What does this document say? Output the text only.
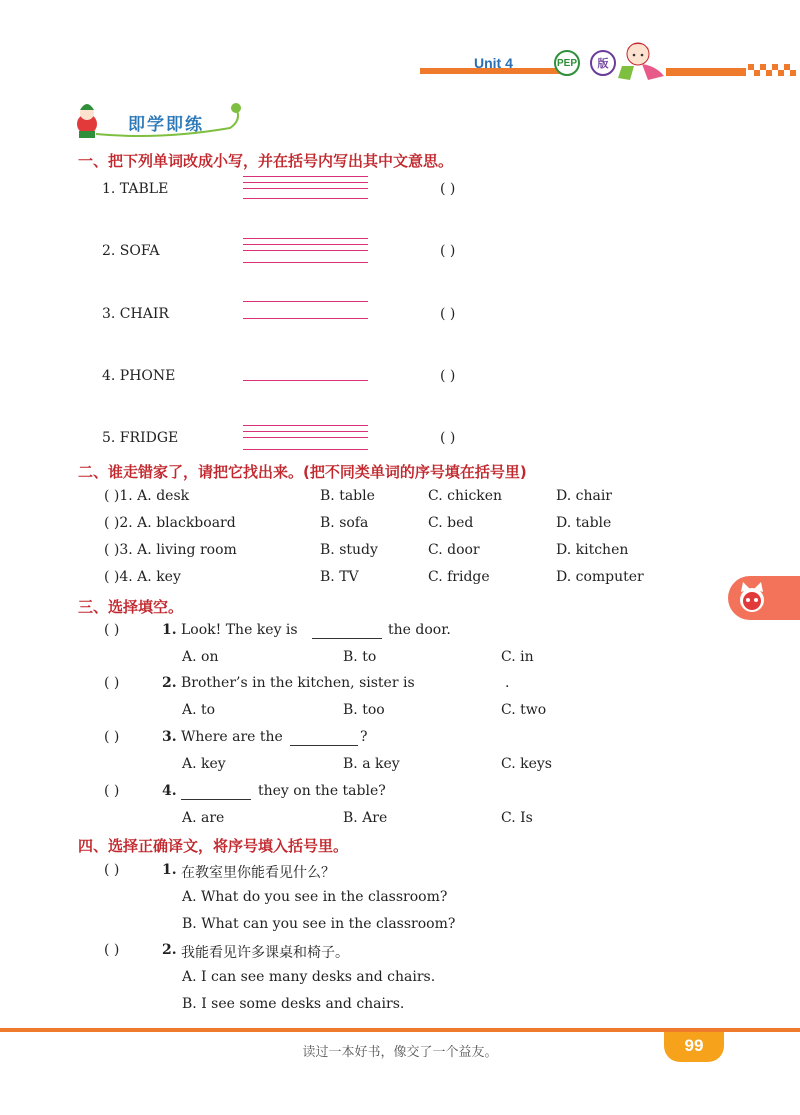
Unit 4	PEP	版
即学即练
一、把下列单词改成小写，并在括号内写出其中文意思。
1. TABLE	( )
2. SOFA	( )
3. CHAIR	( )
4. PHONE	( )
5. FRIDGE	( )
二、谁走错家了，请把它找出来。(把不同类单词的序号填在括号里)
( )1. A. desk	B. table	C. chicken	D. chair
( )2. A. blackboard	B. sofa	C. bed	D. table
( )3. A. living room	B. study	C. door	D. kitchen
( )4. A. key	B. TV	C. fridge	D. computer
三、选择填空。
( )	1. Look! The key is	the door.
A. on	B. to	C. in
( )	2. Brother’s in the kitchen, sister is	.
A. to	B. too	C. two
( )	3. Where are the	?
A. key	B. a key	C. keys
( )	4.	they on the table?
A. are	B. Are	C. Is
四、选择正确译文，将序号填入括号里。
( )	1. 在教室里你能看见什么？
A. What do you see in the classroom?
B. What can you see in the classroom?
( )	2. 我能看见许多课桌和椅子。
A. I can see many desks and chairs.
B. I see some desks and chairs.
读过一本好书，像交了一个益友。	99
